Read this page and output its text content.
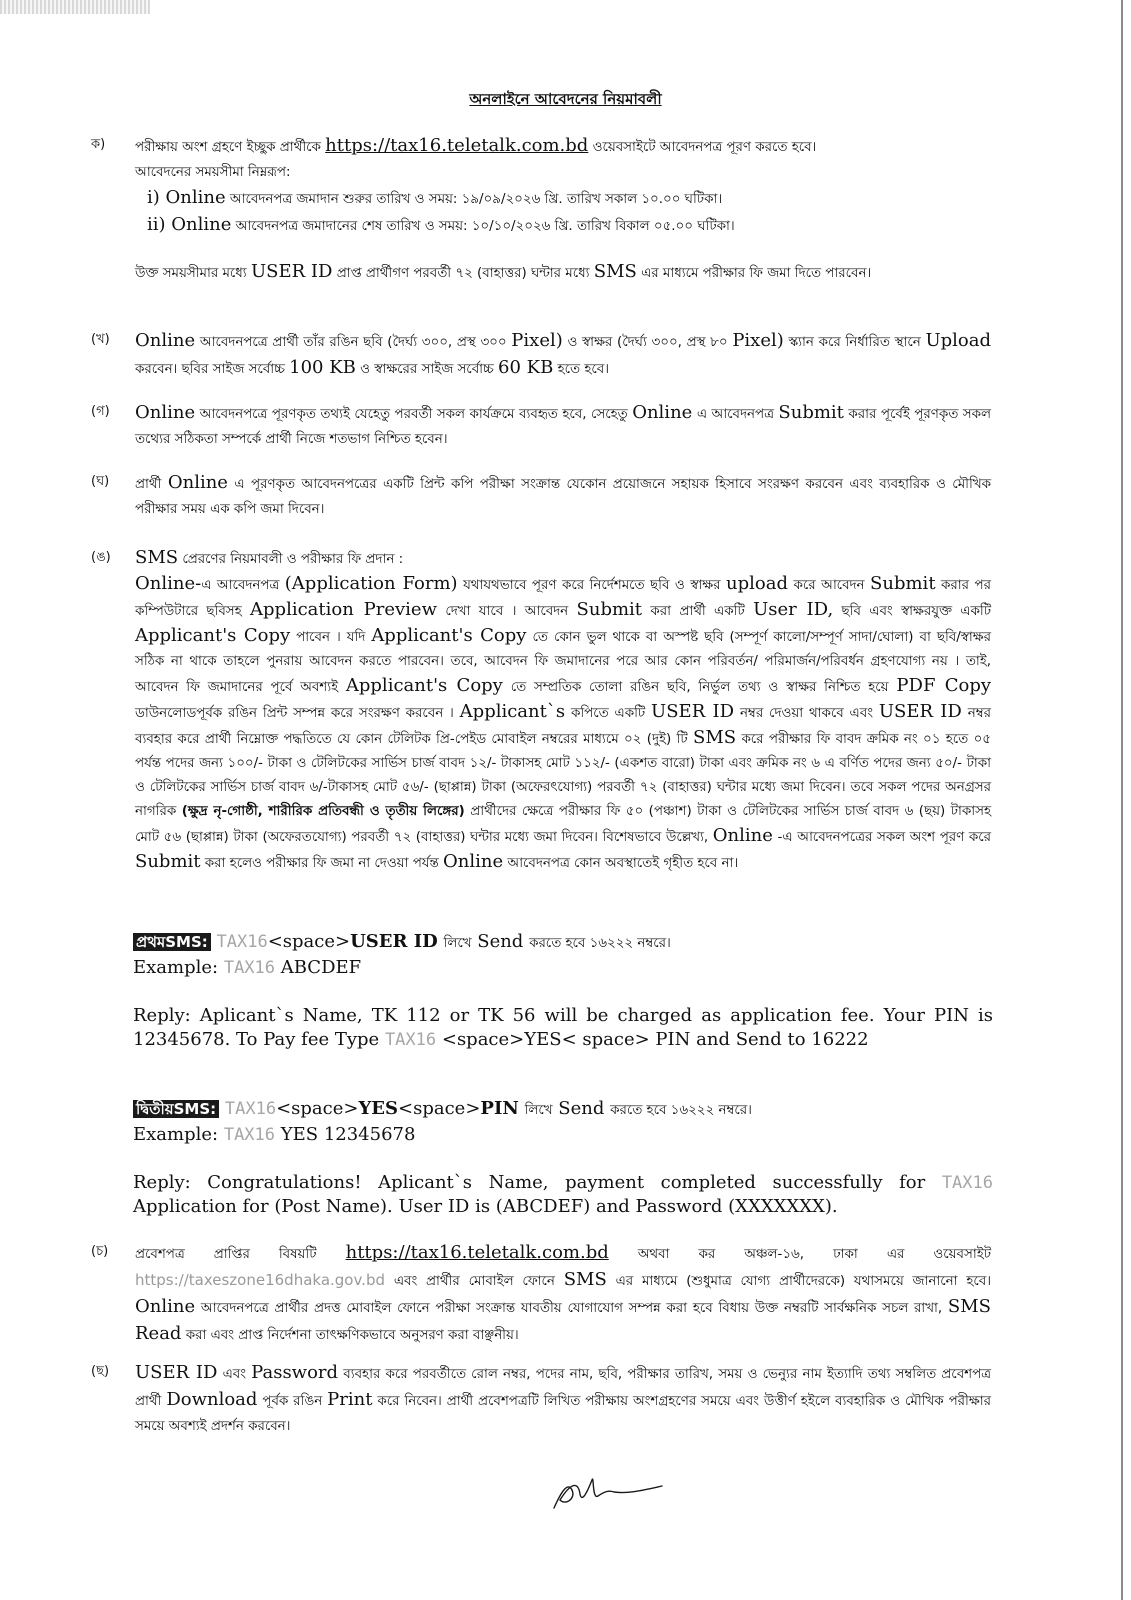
অনলাইনে আবেদনের নিয়মাবলী
ক) পরীক্ষায় অংশ গ্রহণে ইচ্ছুক প্রার্থীকে https://tax16.teletalk.com.bd ওয়েবসাইটে আবেদনপত্র পূরণ করতে হবে।

আবেদনের সময়সীমা নিম্নরূপ:

i) Online আবেদনপত্র জমাদান শুরুর তারিখ ও সময়: ১৯/০৯/২০২৬ খ্রি. তারিখ সকাল ১০.০০ ঘটিকা।

ii) Online আবেদনপত্র জমাদানের শেষ তারিখ ও সময়: ১০/১০/২০২৬ খ্রি. তারিখ বিকাল ০৫.০০ ঘটিকা।

উক্ত সময়সীমার মধ্যে USER ID প্রাপ্ত প্রার্থীগণ পরবর্তী ৭২ (বাহাত্তর) ঘন্টার মধ্যে SMS এর মাধ্যমে পরীক্ষার ফি জমা দিতে পারবেন।

(খ) Online আবেদনপত্রে প্রার্থী তাঁর রঙিন ছবি (দৈর্ঘ্য ৩০০, প্রস্থ ৩০০ Pixel) ও স্বাক্ষর (দৈর্ঘ্য ৩০০, প্রস্থ ৮০ Pixel) স্ক্যান করে নির্ধারিত স্থানে Upload করবেন। ছবির সাইজ সর্বোচ্চ 100 KB ও স্বাক্ষরের সাইজ সর্বোচ্চ 60 KB হতে হবে।

(গ) Online আবেদনপত্রে পূরণকৃত তথ্যই যেহেতু পরবর্তী সকল কার্যক্রমে ব্যবহৃত হবে, সেহেতু Online এ আবেদনপত্র Submit করার পূর্বেই পূরণকৃত সকল তথ্যের সঠিকতা সম্পর্কে প্রার্থী নিজে শতভাগ নিশ্চিত হবেন।

(ঘ) প্রার্থী Online এ পূরণকৃত আবেদনপত্রের একটি প্রিন্ট কপি পরীক্ষা সংক্রান্ত যেকোন প্রয়োজনে সহায়ক হিসাবে সংরক্ষণ করবেন এবং ব্যবহারিক ও মৌখিক পরীক্ষার সময় এক কপি জমা দিবেন।

(ঙ) SMS প্রেরণের নিয়মাবলী ও পরীক্ষার ফি প্রদান :

Online-এ আবেদনপত্র (Application Form) যথাযথভাবে পূরণ করে নির্দেশমতে ছবি ও স্বাক্ষর upload করে আবেদন Submit করার পর কম্পিউটারে ছবিসহ Application Preview দেখা যাবে । আবেদন Submit করা প্রার্থী একটি User ID, ছবি এবং স্বাক্ষরযুক্ত একটি Applicant's Copy পাবেন । যদি Applicant's Copy তে কোন ভুল থাকে বা অস্পষ্ট ছবি (সম্পূর্ণ কালো/সম্পূর্ণ সাদা/ঘোলা) বা ছবি/স্বাক্ষর সঠিক না থাকে তাহলে পুনরায় আবেদন করতে পারবেন। তবে, আবেদন ফি জমাদানের পরে আর কোন পরিবর্তন/ পরিমার্জন/পরিবর্ধন গ্রহণযোগ্য নয় । তাই, আবেদন ফি জমাদানের পূর্বে অবশ্যই Applicant's Copy তে সম্প্রতিক তোলা রঙিন ছবি, নির্ভুল তথ্য ও স্বাক্ষর নিশ্চিত হয়ে PDF Copy ডাউনলোডপূর্বক রঙিন প্রিন্ট সম্পন্ন করে সংরক্ষণ করবেন । Applicant`s কপিতে একটি USER ID নম্বর দেওয়া থাকবে এবং USER ID নম্বর ব্যবহার করে প্রার্থী নিম্নোক্ত পদ্ধতিতে যে কোন টেলিটক প্রি-পেইড মোবাইল নম্বরের মাধ্যমে ০২ (দুই) টি SMS করে পরীক্ষার ফি বাবদ ক্রমিক নং ০১ হতে ০৫ পর্যন্ত পদের জন্য ১০০/- টাকা ও টেলিটকের সার্ভিস চার্জ বাবদ ১২/- টাকাসহ মোট ১১২/- (একশত বারো) টাকা এবং ক্রমিক নং ৬ এ বর্ণিত পদের জন্য ৫০/- টাকা ও টেলিটকের সার্ভিস চার্জ বাবদ ৬/-টাকাসহ মোট ৫৬/- (ছাপ্পান্ন) টাকা (অফেরৎযোগ্য) পরবর্তী ৭২ (বাহাত্তর) ঘন্টার মধ্যে জমা দিবেন। তবে সকল পদের অনগ্রসর নাগরিক (ক্ষুদ্র নৃ-গোষ্ঠী, শারীরিক প্রতিবন্ধী ও তৃতীয় লিঙ্গের) প্রার্থীদের ক্ষেত্রে পরীক্ষার ফি ৫০ (পঞ্চাশ) টাকা ও টেলিটকের সার্ভিস চার্জ বাবদ ৬ (ছয়) টাকাসহ মোট ৫৬ (ছাপ্পান্ন) টাকা (অফেরতযোগ্য) পরবর্তী ৭২ (বাহাত্তর) ঘন্টার মধ্যে জমা দিবেন। বিশেষভাবে উল্লেখ্য, Online -এ আবেদনপত্রের সকল অংশ পূরণ করে Submit করা হলেও পরীক্ষার ফি জমা না দেওয়া পর্যন্ত Online আবেদনপত্র কোন অবস্থাতেই গৃহীত হবে না।

প্রথমSMS: TAX16<space>USER ID লিখে Send করতে হবে ১৬২২২ নম্বরে।

Example: TAX16 ABCDEF

Reply: Aplicant`s Name, TK 112 or TK 56 will be charged as application fee. Your PIN is 12345678. To Pay fee Type TAX16 <space>YES< space> PIN and Send to 16222

দ্বিতীয়SMS: TAX16<space>YES<space>PIN লিখে Send করতে হবে ১৬২২২ নম্বরে।

Example: TAX16 YES 12345678

Reply: Congratulations! Aplicant`s Name, payment completed successfully for TAX16 Application for (Post Name). User ID is (ABCDEF) and Password (XXXXXXX).

(চ) প্রবেশপত্র প্রাপ্তির বিষয়টি https://tax16.teletalk.com.bd অথবা কর অঞ্চল-১৬, ঢাকা এর ওয়েবসাইট https://taxeszone16dhaka.gov.bd এবং প্রার্থীর মোবাইল ফোনে SMS এর মাধ্যমে (শুধুমাত্র যোগ্য প্রার্থীদেরকে) যথাসময়ে জানানো হবে। Online আবেদনপত্রে প্রার্থীর প্রদত্ত মোবাইল ফোনে পরীক্ষা সংক্রান্ত যাবতীয় যোগাযোগ সম্পন্ন করা হবে বিধায় উক্ত নম্বরটি সার্বক্ষনিক সচল রাখা, SMS Read করা এবং প্রাপ্ত নির্দেশনা তাৎক্ষণিকভাবে অনুসরণ করা বাঞ্ছনীয়।

(ছ) USER ID এবং Password ব্যবহার করে পরবর্তীতে রোল নম্বর, পদের নাম, ছবি, পরীক্ষার তারিখ, সময় ও ভেন্যুর নাম ইত্যাদি তথ্য সম্বলিত প্রবেশপত্র প্রার্থী Download পূর্বক রঙিন Print করে নিবেন। প্রার্থী প্রবেশপত্রটি লিখিত পরীক্ষায় অংশগ্রহণের সময়ে এবং উত্তীর্ণ হইলে ব্যবহারিক ও মৌখিক পরীক্ষার সময়ে অবশ্যই প্রদর্শন করবেন।
